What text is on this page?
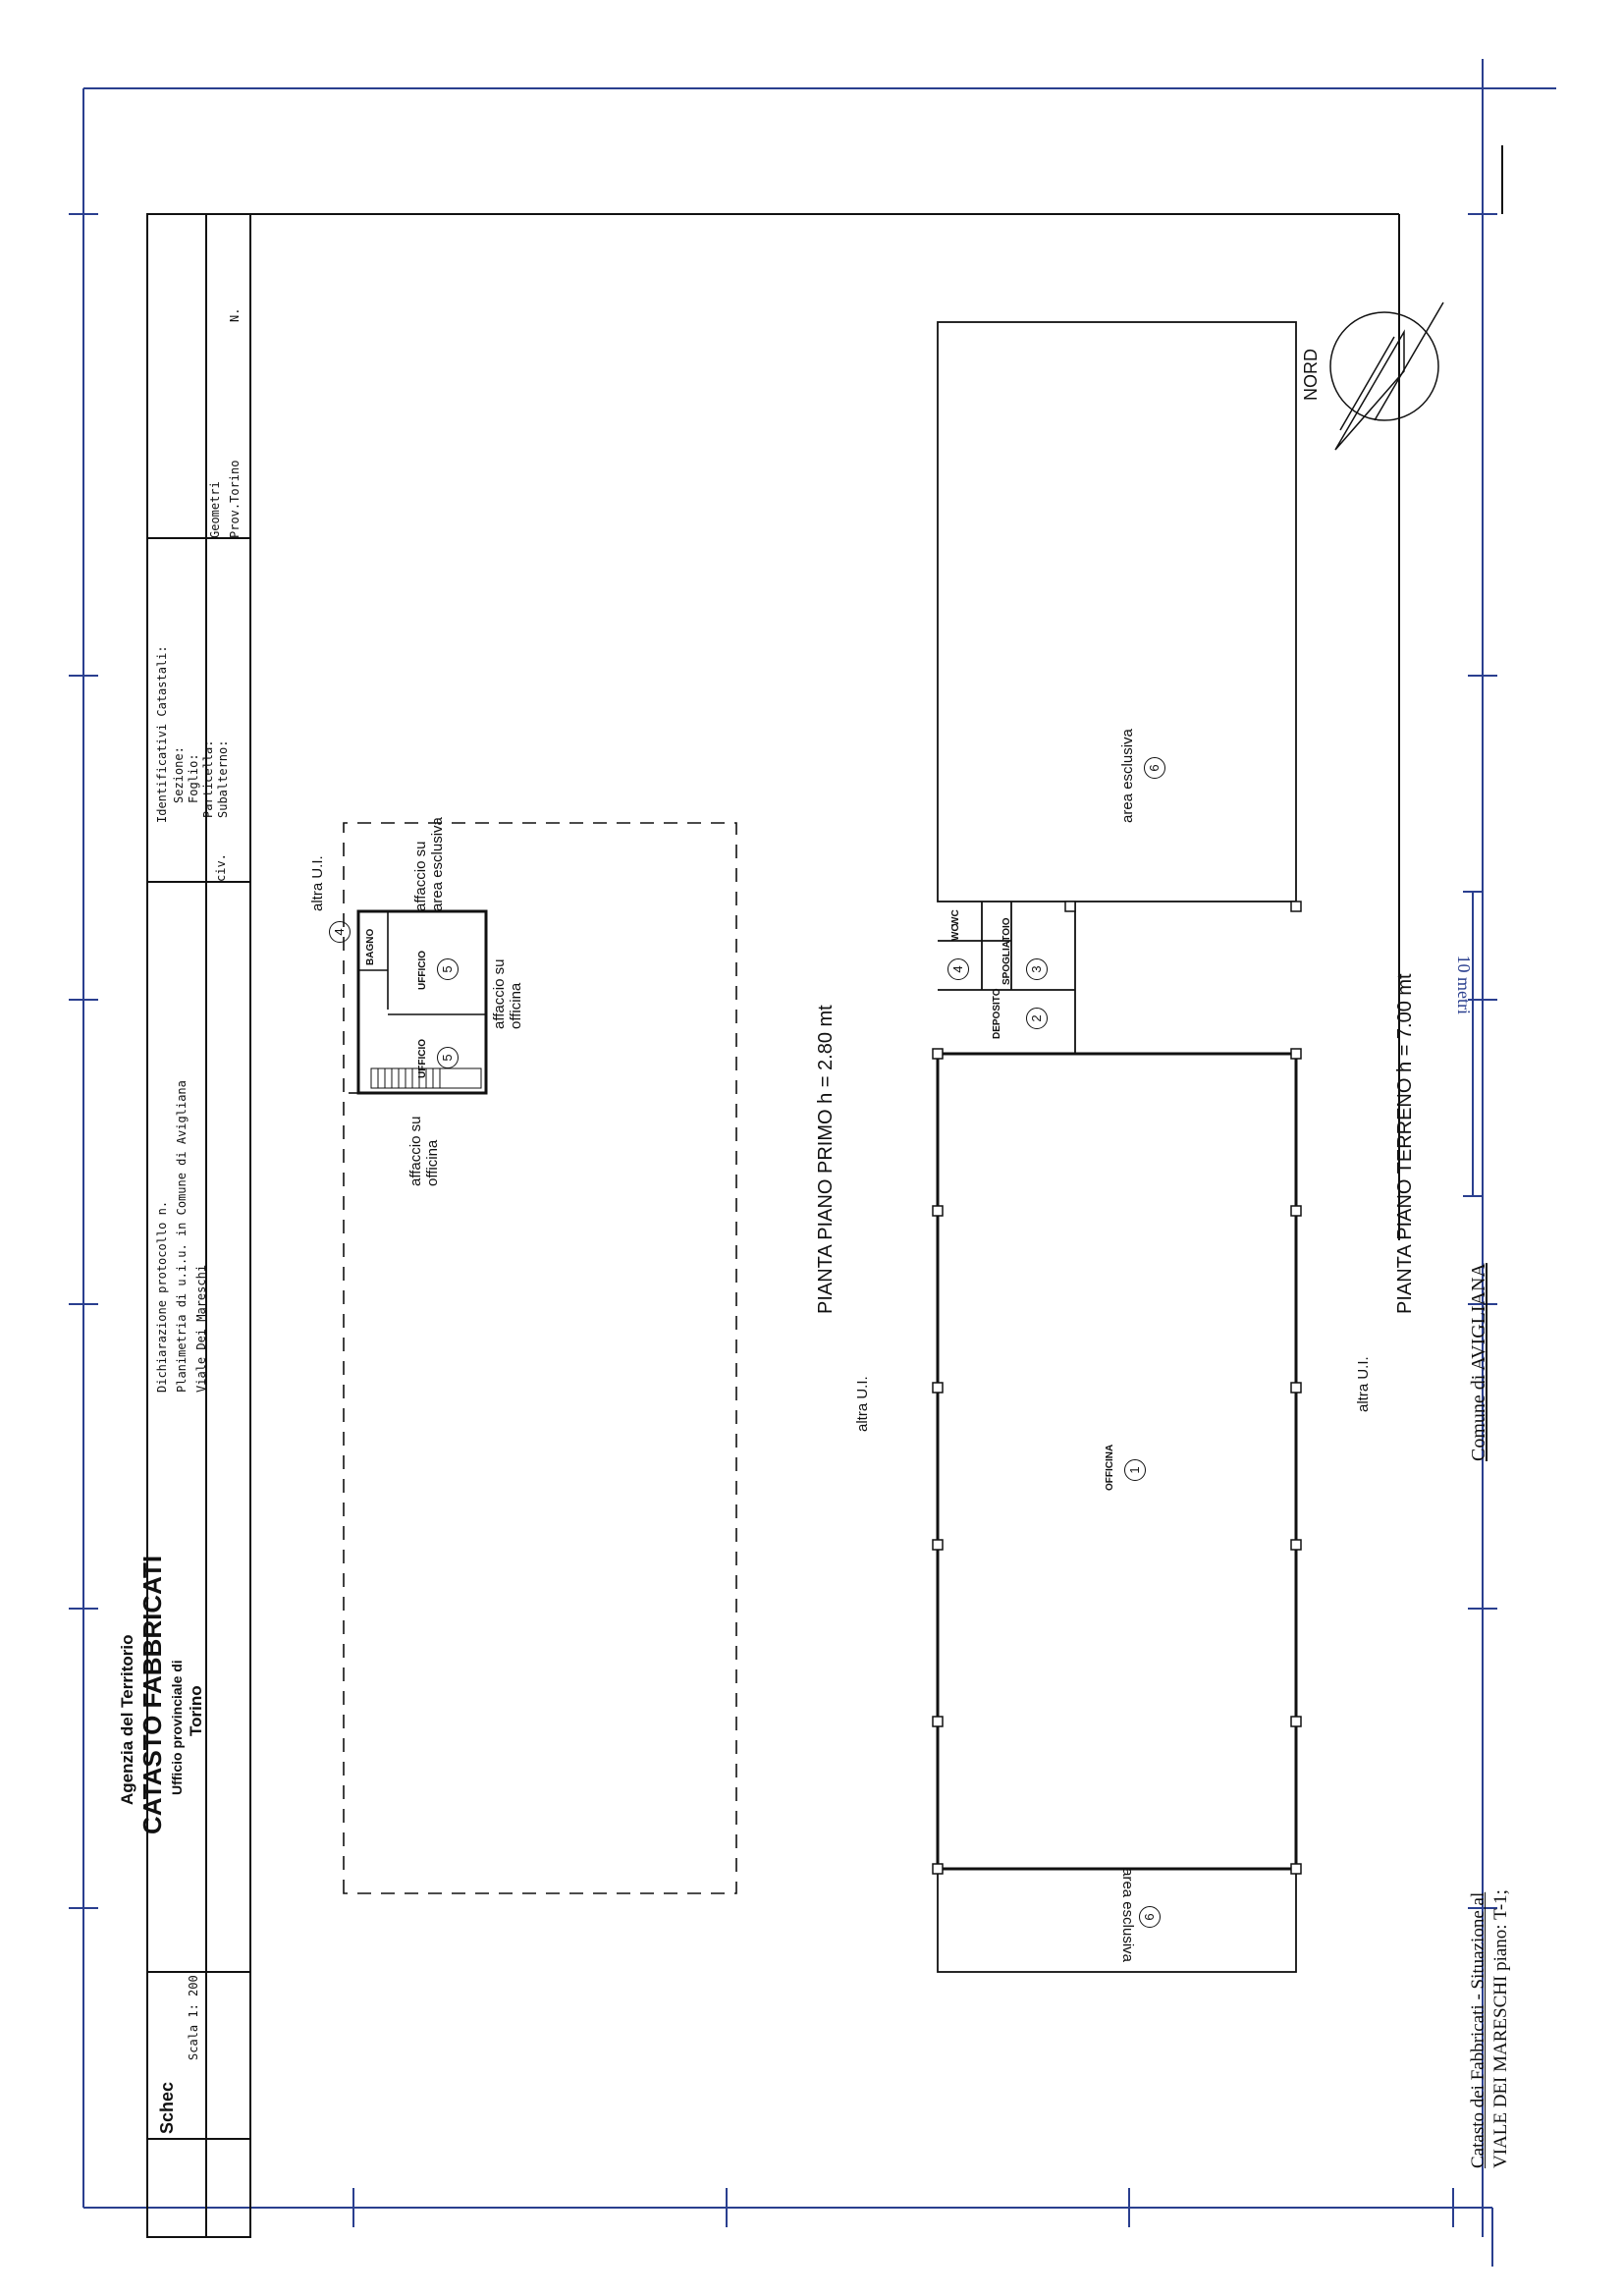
Schec
Scala 1: 200
Agenzia del Territorio CATASTO FABBRICATI Ufficio provinciale di Torino
Dichiarazione protocollo n. Planimetria di u.i.u. in Comune di Avigliana Viale Dei Mareschi
civ.
Identificativi Catastali: Sezione: Foglio: Particella: Subalterno:
Geometri Prov.Torino
N.
NORD
altra U.I.	affaccio su area esclusiva
affaccio su officina
affaccio su officina
BAGNO
4
UFFICIO 5
UFFICIO 5	PIANTA PIANO PRIMO h = 2.80 mt
altra U.I.
OFFICINA 1
DEPOSITO 2
SPOGLIATOIO 3
WC
WC
4
area esclusiva 6
area esclusiva 6
PIANTA PIANO TERRENO h = 7.00 mt
altra U.I.
10 metri
Comune di AVIGLIANA
Catasto dei Fabbricati - Situazione al VIALE DEI MARESCHI piano: T-1;
